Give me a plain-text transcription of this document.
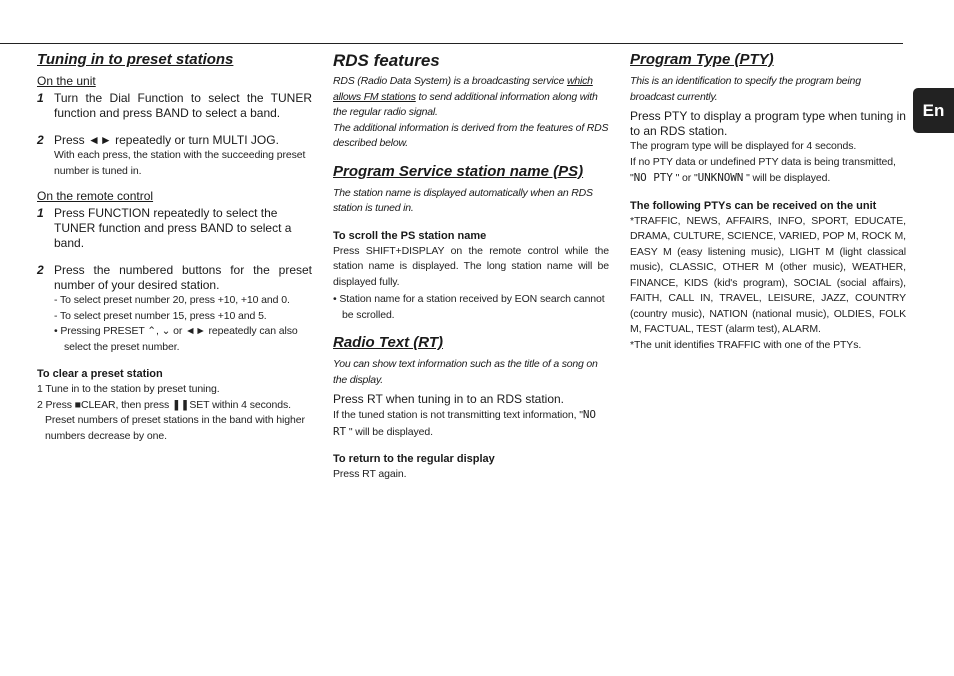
En
Tuning in to preset stations
On the unit
1 Turn the Dial Function to select the TUNER function and press BAND to select a band.
2 Press ◄► repeatedly or turn MULTI JOG.
With each press, the station with the succeeding preset number is tuned in.
On the remote control
1 Press FUNCTION repeatedly to select the TUNER function and press BAND to select a band.
2 Press the numbered buttons for the preset number of your desired station.
- To select preset number 20, press +10, +10 and 0.
- To select preset number 15, press +10 and 5.
• Pressing PRESET ⌃, ⌄ or ◄► repeatedly can also select the preset number.
To clear a preset station
1 Tune in to the station by preset tuning.
2 Press ■CLEAR, then press ❚❚SET within 4 seconds.
Preset numbers of preset stations in the band with higher numbers decrease by one.
RDS features
RDS (Radio Data System) is a broadcasting service which allows FM stations to send additional information along with the regular radio signal.
The additional information is derived from the features of RDS described below.
Program Service station name (PS)
The station name is displayed automatically when an RDS station is tuned in.
To scroll the PS station name
Press SHIFT+DISPLAY on the remote control while the station name is displayed. The long station name will be displayed fully.
• Station name for a station received by EON search cannot be scrolled.
Radio Text (RT)
You can show text information such as the title of a song on the display.
Press RT when tuning in to an RDS station.
If the tuned station is not transmitting text information, "NO RT " will be displayed.
To return to the regular display
Press RT again.
Program Type (PTY)
This is an identification to specify the program being broadcast currently.
Press PTY to display a program type when tuning in to an RDS station.
The program type will be displayed for 4 seconds.
If no PTY data or undefined PTY data is being transmitted,
"NO PTY " or "UNKNOWN " will be displayed.
The following PTYs can be received on the unit
*TRAFFIC, NEWS, AFFAIRS, INFO, SPORT, EDUCATE, DRAMA, CULTURE, SCIENCE, VARIED, POP M, ROCK M, EASY M (easy listening music), LIGHT M (light classical music), CLASSIC, OTHER M (other music), WEATHER, FINANCE, KIDS (kid's program), SOCIAL (social affairs), FAITH, CALL IN, TRAVEL, LEISURE, JAZZ, COUNTRY (country music), NATION (national music), OLDIES, FOLK M, FACTUAL, TEST (alarm test), ALARM.
*The unit identifies TRAFFIC with one of the PTYs.
